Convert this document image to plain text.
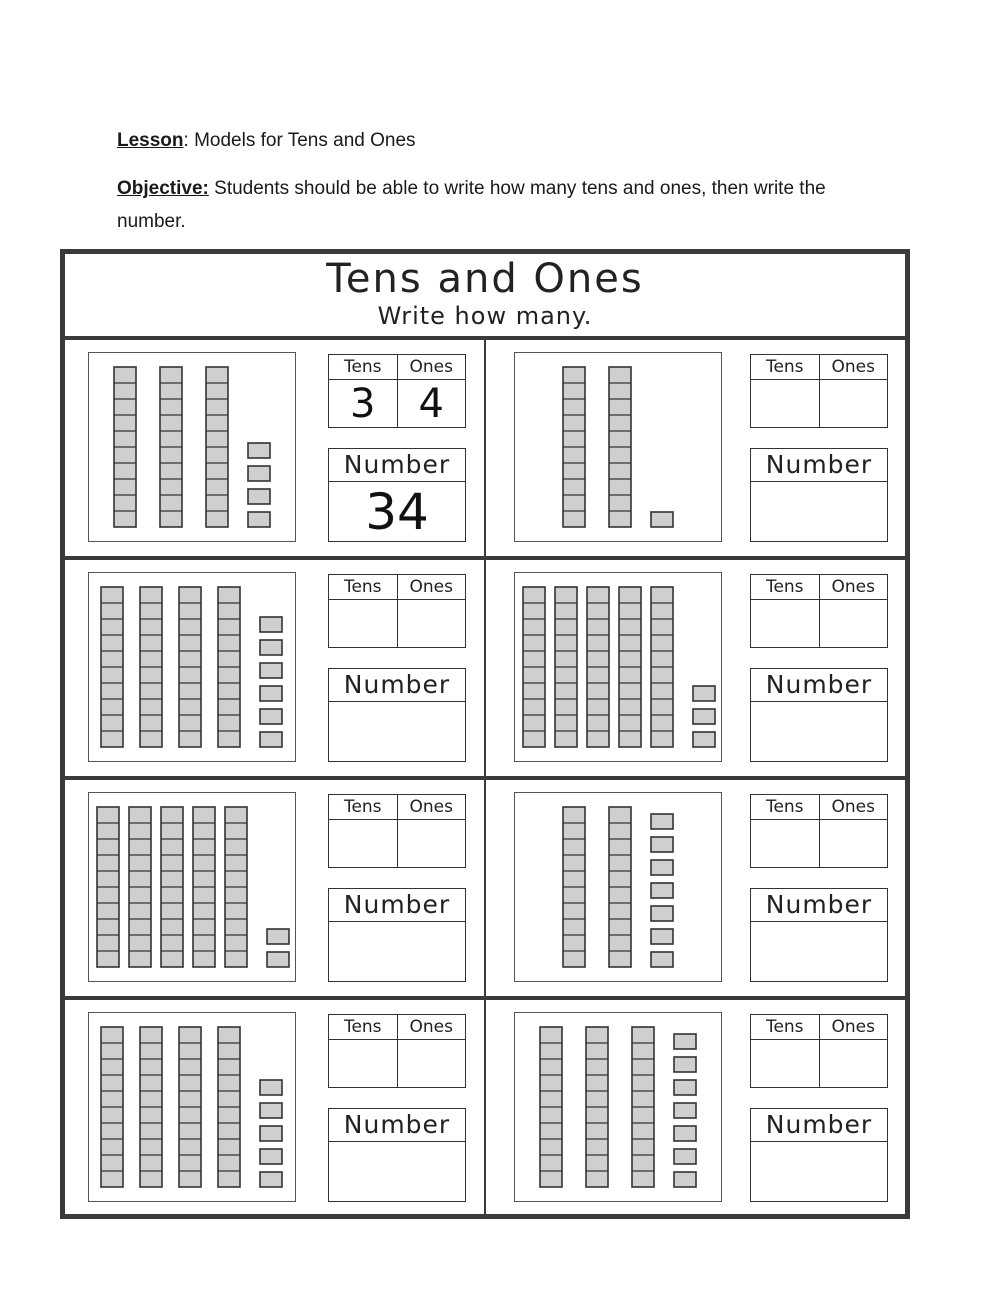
Lesson: Models for Tens and Ones
Objective: Students should be able to write how many tens and ones, then write the number.
Tens and Ones
Write how many.
Tens	Ones
3	4
Number
34
Tens	Ones
Number
Tens	Ones
Number
Tens	Ones
Number
Tens	Ones
Number
Tens	Ones
Number
Tens	Ones
Number
Tens	Ones
Number
